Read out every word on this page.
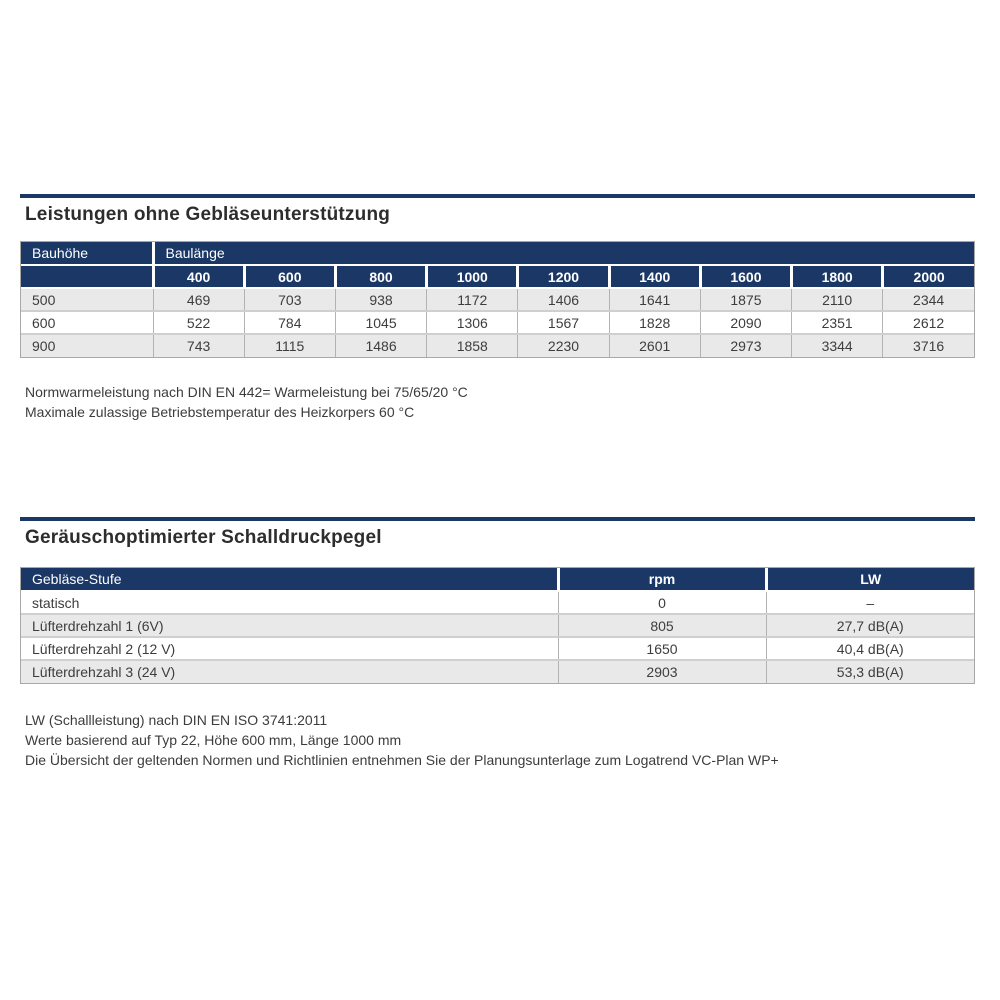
Leistungen ohne Gebläseunterstützung
Bauhöhe	Baulänge								
	400	600	800	1000	1200	1400	1600	1800	2000
500	469	703	938	1172	1406	1641	1875	2110	2344
600	522	784	1045	1306	1567	1828	2090	2351	2612
900	743	1115	1486	1858	2230	2601	2973	3344	3716
Normwarmeleistung nach DIN EN 442= Warmeleistung bei 75/65/20 °C
Maximale zulassige Betriebstemperatur des Heizkorpers 60 °C
Geräuschoptimierter Schalldruckpegel
Gebläse-Stufe	rpm	LW
statisch	0	–
Lüfterdrehzahl 1 (6V)	805	27,7 dB(A)
Lüfterdrehzahl 2 (12 V)	1650	40,4 dB(A)
Lüfterdrehzahl 3 (24 V)	2903	53,3 dB(A)
LW (Schallleistung) nach DIN EN ISO 3741:2011
Werte basierend auf Typ 22, Höhe 600 mm, Länge 1000 mm
Die Übersicht der geltenden Normen und Richtlinien entnehmen Sie der Planungsunterlage zum Logatrend VC-Plan WP+
